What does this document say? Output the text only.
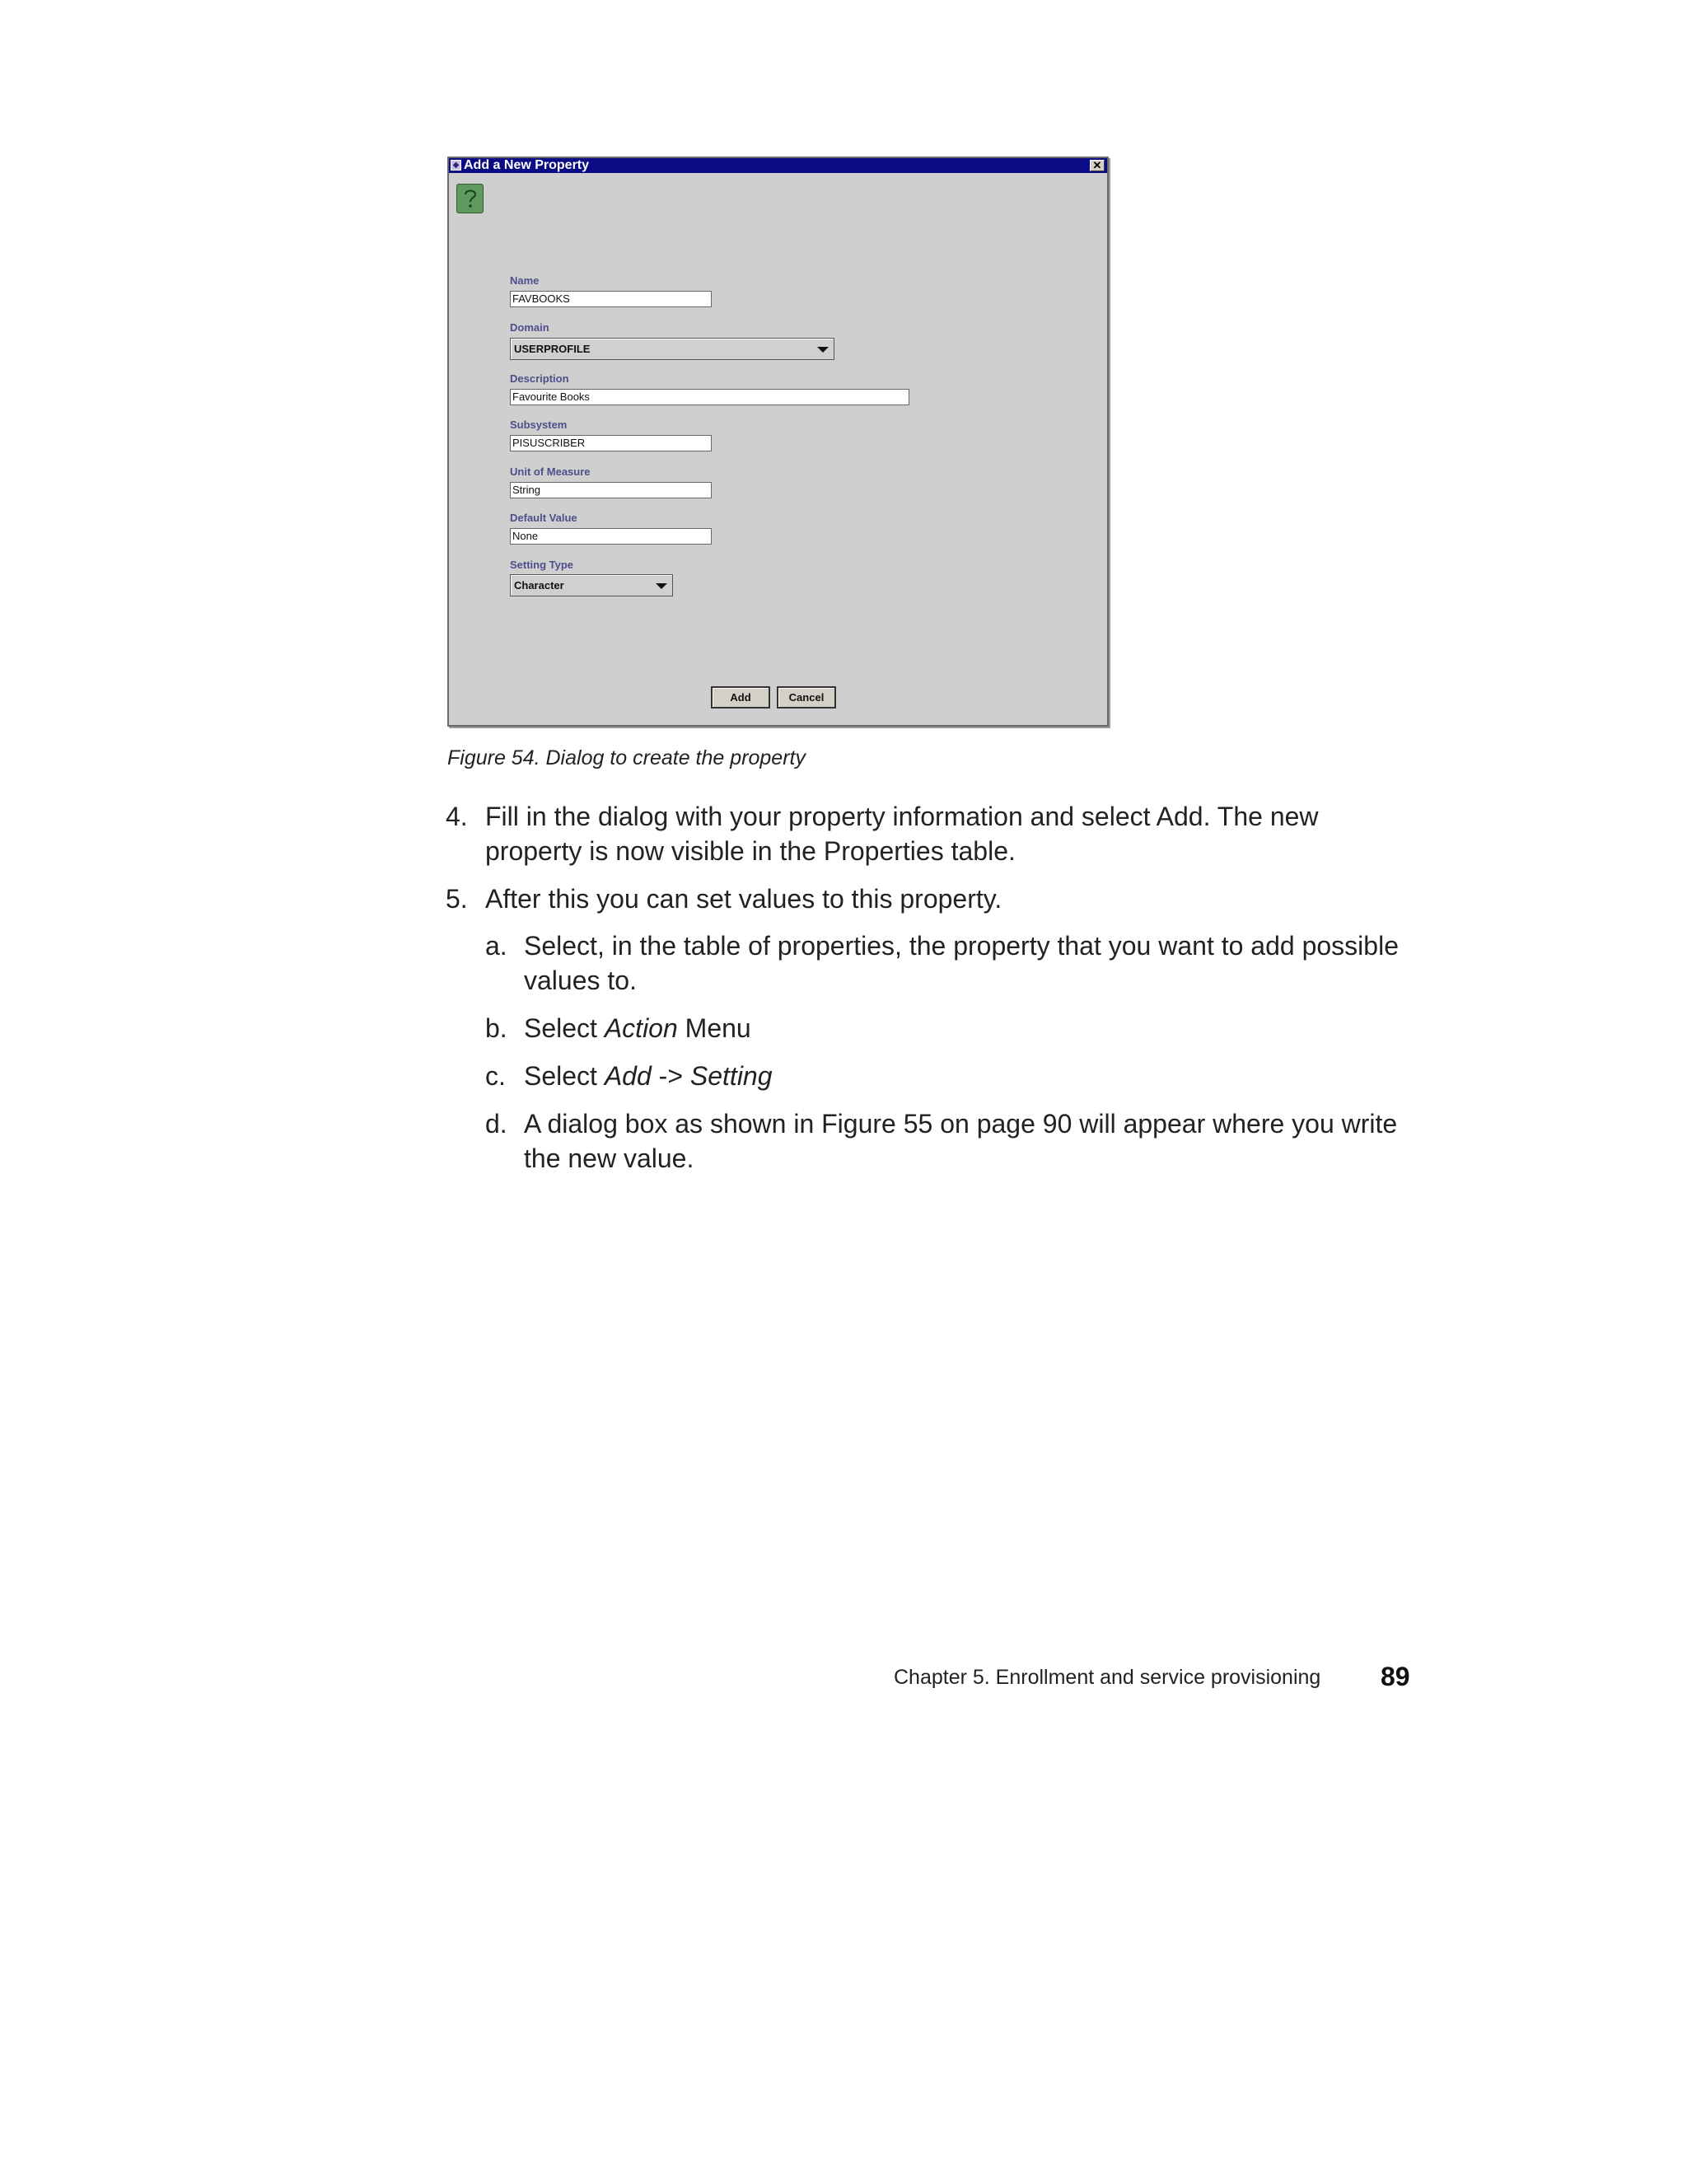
◆ Add a New Property	✕
Name
FAVBOOKS
Domain
USERPROFILE
Description
Favourite Books
Subsystem
PISUSCRIBER
Unit of Measure
String
Default Value
None
Setting Type
Character
Add	Cancel
Figure 54. Dialog to create the property
4. Fill in the dialog with your property information and select Add. The new property is now visible in the Properties table.
5. After this you can set values to this property.
a. Select, in the table of properties, the property that you want to add possible values to.
b. Select Action Menu
c. Select Add -> Setting
d. A dialog box as shown in Figure 55 on page 90 will appear where you write the new value.
Chapter 5. Enrollment and service provisioning 89
